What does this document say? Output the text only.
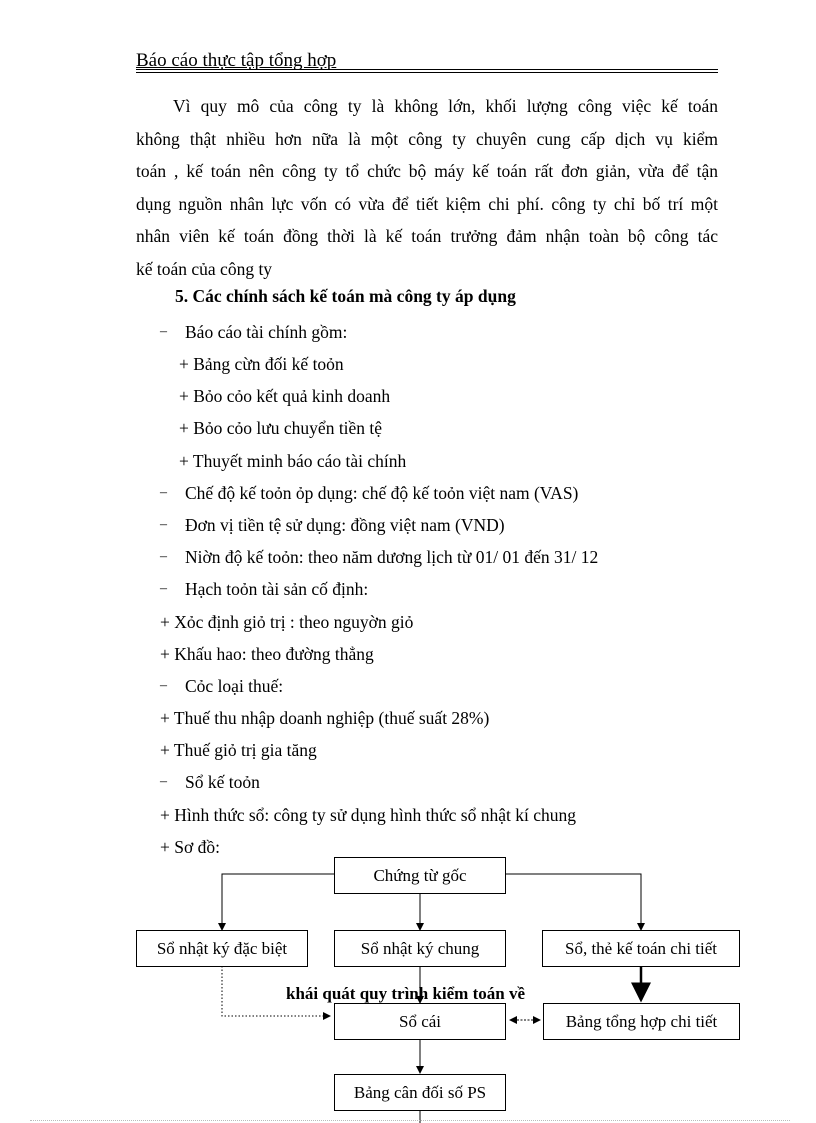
Báo cáo thực tập tổng hợp
Vì quy mô của công ty là không lớn, khối lượng công việc kế toán
không thật nhiều hơn nữa là một công ty chuyên cung cấp dịch vụ kiểm
toán , kế toán nên công ty tổ chức bộ máy kế toán rất đơn giản, vừa để tận
dụng nguồn nhân lực vốn có vừa để tiết kiệm chi phí. công ty chỉ bố trí một
nhân viên kế toán đồng thời là kế toán trưởng đảm nhận toàn bộ công tác
kế toán của công ty
5. Các chính sách kế toán mà công ty áp dụng
– Báo cáo tài chính gồm:
+ Bảng cừn đối kế toỏn
+ Bỏo cỏo kết quả kinh doanh
+ Bỏo cỏo lưu chuyển tiền tệ
+ Thuyết minh báo cáo tài chính
– Chế độ kế toỏn ỏp dụng: chế độ kế toỏn việt nam (VAS)
– Đơn vị tiền tệ sử dụng: đồng việt nam (VND)
– Niờn độ kế toỏn: theo năm dương lịch từ 01/ 01 đến 31/ 12
– Hạch toỏn tài sản cố định:
+ Xỏc định giỏ trị : theo nguyờn giỏ
+ Khấu hao: theo đường thẳng
– Cỏc loại thuế:
+ Thuế thu nhập doanh nghiệp (thuế suất 28%)
+ Thuế giỏ trị gia tăng
– Sổ kế toỏn
+ Hình thức sổ: công ty sử dụng hình thức sổ nhật kí chung
+ Sơ đồ:
Chứng từ gốc
Sổ nhật ký đặc biệt	Sổ nhật ký chung	Sổ, thẻ kế toán chi tiết
Sổ cái	Bảng tổng hợp chi tiết
Bảng cân đối số PS
khái quát quy trình kiểm toán về
